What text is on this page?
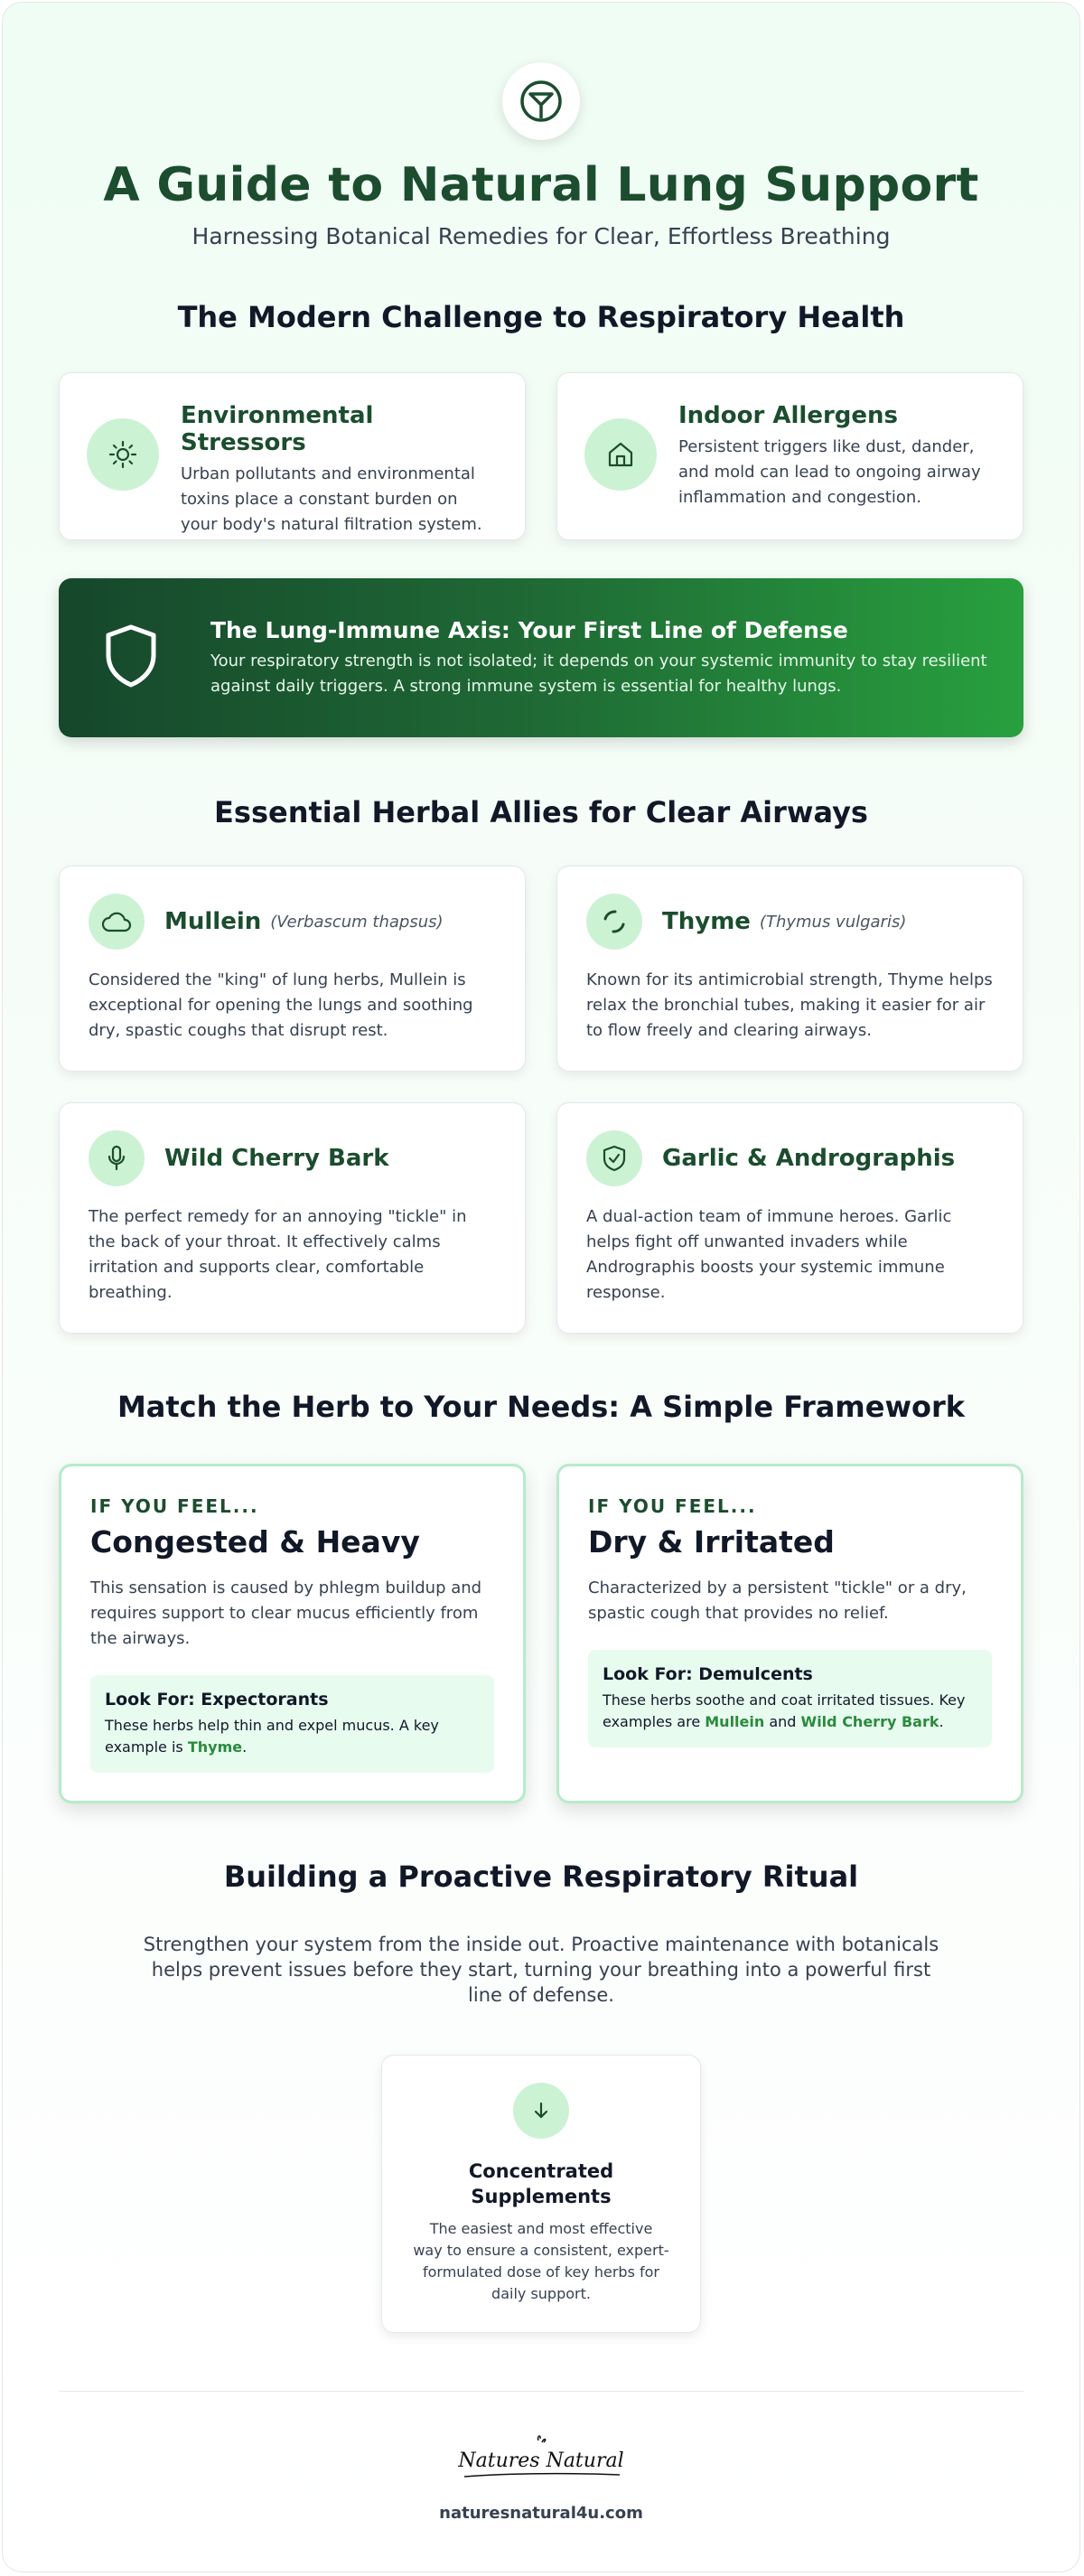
A Guide to Natural Lung Support
Harnessing Botanical Remedies for Clear, Effortless Breathing
The Modern Challenge to Respiratory Health
Environmental Stressors
Urban pollutants and environmental toxins place a constant burden on your body's natural filtration system.
Indoor Allergens
Persistent triggers like dust, dander, and mold can lead to ongoing airway inflammation and congestion.
The Lung-Immune Axis: Your First Line of Defense
Your respiratory strength is not isolated; it depends on your systemic immunity to stay resilient against daily triggers. A strong immune system is essential for healthy lungs.
Essential Herbal Allies for Clear Airways
Mullein (Verbascum thapsus)
Considered the "king" of lung herbs, Mullein is exceptional for opening the lungs and soothing dry, spastic coughs that disrupt rest.
Thyme (Thymus vulgaris)
Known for its antimicrobial strength, Thyme helps relax the bronchial tubes, making it easier for air to flow freely and clearing airways.
Wild Cherry Bark
The perfect remedy for an annoying "tickle" in the back of your throat. It effectively calms irritation and supports clear, comfortable breathing.
Garlic & Andrographis
A dual-action team of immune heroes. Garlic helps fight off unwanted invaders while Andrographis boosts your systemic immune response.
Match the Herb to Your Needs: A Simple Framework
IF YOU FEEL...
Congested & Heavy
This sensation is caused by phlegm buildup and requires support to clear mucus efficiently from the airways.
Look For: Expectorants
These herbs help thin and expel mucus. A key example is Thyme.
IF YOU FEEL...
Dry & Irritated
Characterized by a persistent "tickle" or a dry, spastic cough that provides no relief.
Look For: Demulcents
These herbs soothe and coat irritated tissues. Key examples are Mullein and Wild Cherry Bark.
Building a Proactive Respiratory Ritual
Strengthen your system from the inside out. Proactive maintenance with botanicals helps prevent issues before they start, turning your breathing into a powerful first line of defense.
Concentrated Supplements
The easiest and most effective way to ensure a consistent, expert-formulated dose of key herbs for daily support.
Natures Natural
naturesnatural4u.com
